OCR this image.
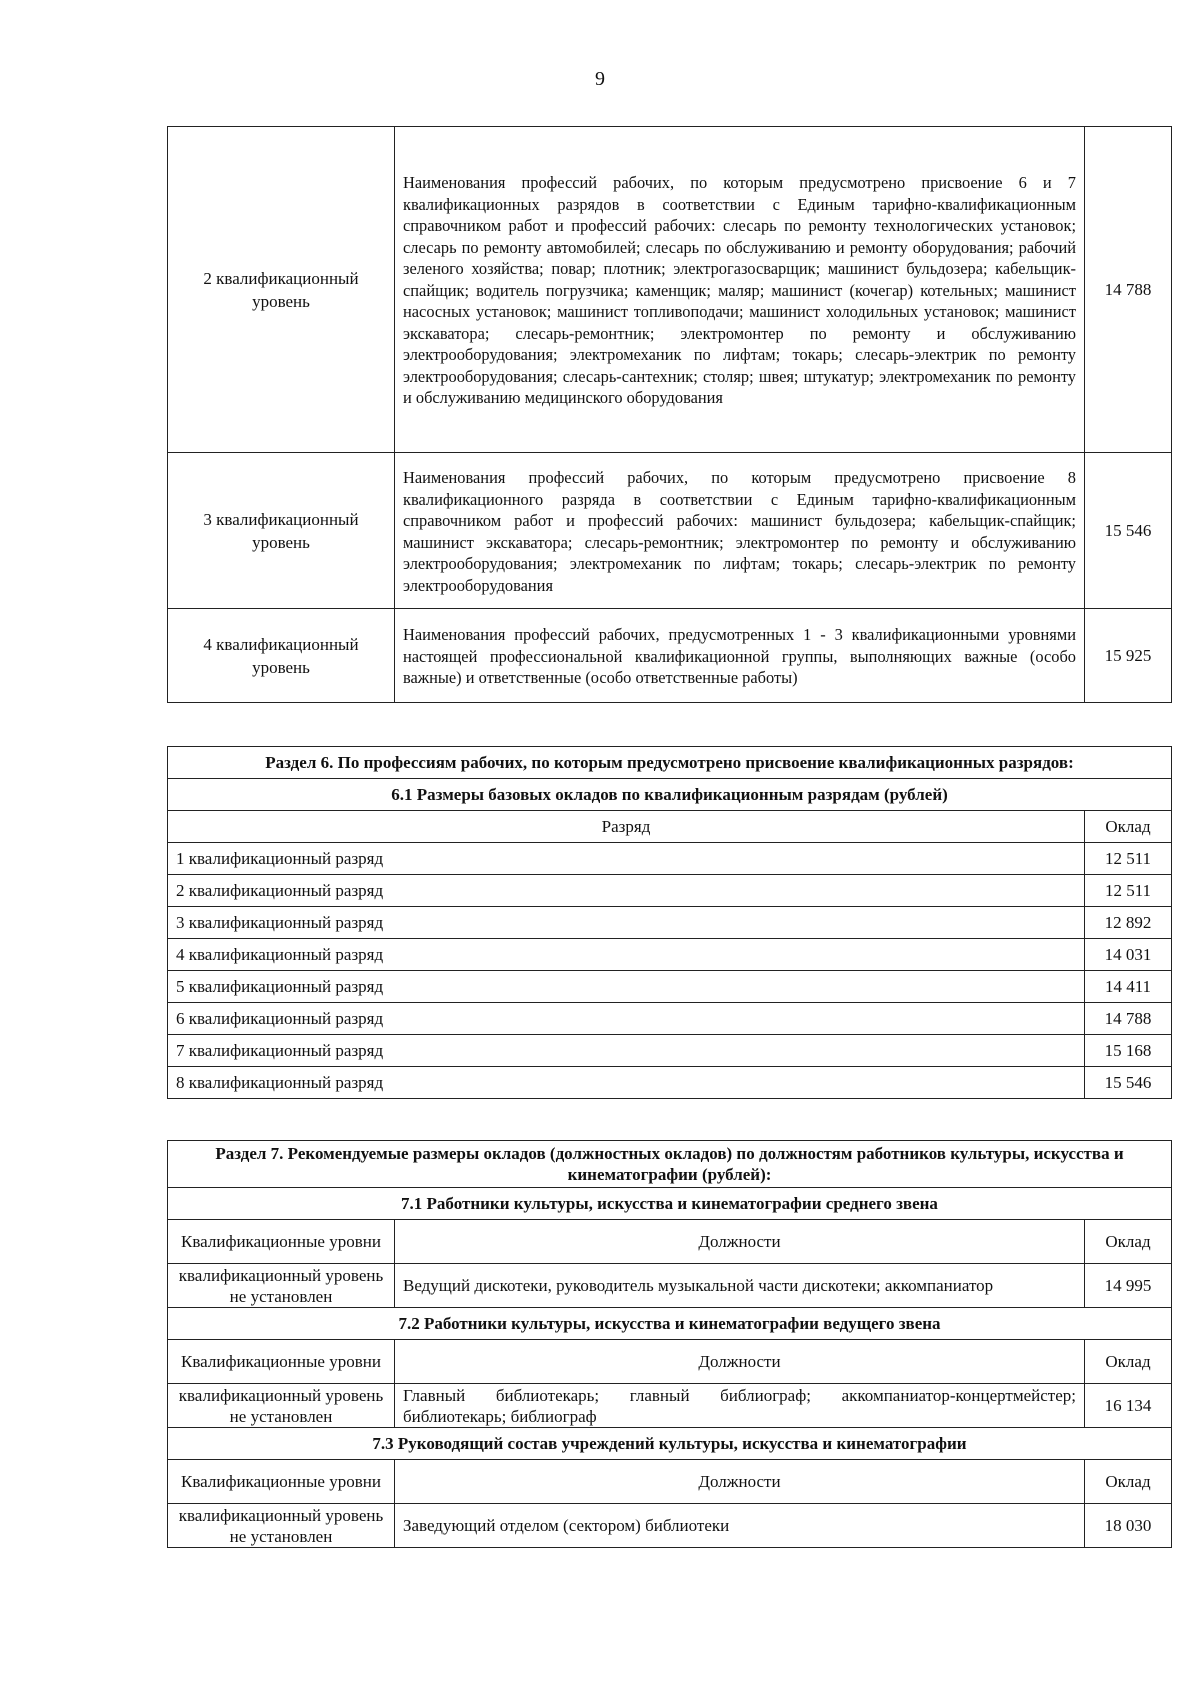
9
2 квалификационный уровень	Наименования профессий рабочих, по которым предусмотрено присвоение 6 и 7 квалификационных разрядов в соответствии с Единым тарифно-квалификационным справочником работ и профессий рабочих: слесарь по ремонту технологических установок; слесарь по ремонту автомобилей; слесарь по обслуживанию и ремонту оборудования; рабочий зеленого хозяйства; повар; плотник; электрогазосварщик; машинист бульдозера; кабельщик-спайщик; водитель погрузчика; каменщик; маляр; машинист (кочегар) котельных; машинист насосных установок; машинист топливоподачи; машинист холодильных установок; машинист экскаватора; слесарь-ремонтник; электромонтер по ремонту и обслуживанию электрооборудования; электромеханик по лифтам; токарь; слесарь-электрик по ремонту электрооборудования; слесарь-сантехник; столяр; швея; штукатур; электромеханик по ремонту и обслуживанию медицинского оборудования	14 788
3 квалификационный уровень	Наименования профессий рабочих, по которым предусмотрено присвоение 8 квалификационного разряда в соответствии с Единым тарифно-квалификационным справочником работ и профессий рабочих: машинист бульдозера; кабельщик-спайщик; машинист экскаватора; слесарь-ремонтник; электромонтер по ремонту и обслуживанию электрооборудования; электромеханик по лифтам; токарь; слесарь-электрик по ремонту электрооборудования	15 546
4 квалификационный уровень	Наименования профессий рабочих, предусмотренных 1 - 3 квалификационными уровнями настоящей профессиональной квалификационной группы, выполняющих важные (особо важные) и ответственные (особо ответственные работы)	15 925
Раздел 6. По профессиям рабочих, по которым предусмотрено присвоение квалификационных разрядов:	
6.1 Размеры базовых окладов по квалификационным разрядам (рублей)	
Разряд	Оклад
1 квалификационный разряд	12 511
2 квалификационный разряд	12 511
3 квалификационный разряд	12 892
4 квалификационный разряд	14 031
5 квалификационный разряд	14 411
6 квалификационный разряд	14 788
7 квалификационный разряд	15 168
8 квалификационный разряд	15 546
Раздел 7. Рекомендуемые размеры окладов (должностных окладов) по должностям работников культуры, искусства и кинематографии (рублей):		
7.1 Работники культуры, искусства и кинематографии среднего звена		
Квалификационные уровни	Должности	Оклад
квалификационный уровень не установлен	Ведущий дискотеки, руководитель музыкальной части дискотеки; аккомпаниатор	14 995
7.2 Работники культуры, искусства и кинематографии ведущего звена		
Квалификационные уровни	Должности	Оклад
квалификационный уровень не установлен	Главный библиотекарь; главный библиограф; аккомпаниатор-концертмейстер; библиотекарь; библиограф	16 134
7.3 Руководящий состав учреждений культуры, искусства и кинематографии		
Квалификационные уровни	Должности	Оклад
квалификационный уровень не установлен	Заведующий отделом (сектором) библиотеки	18 030
